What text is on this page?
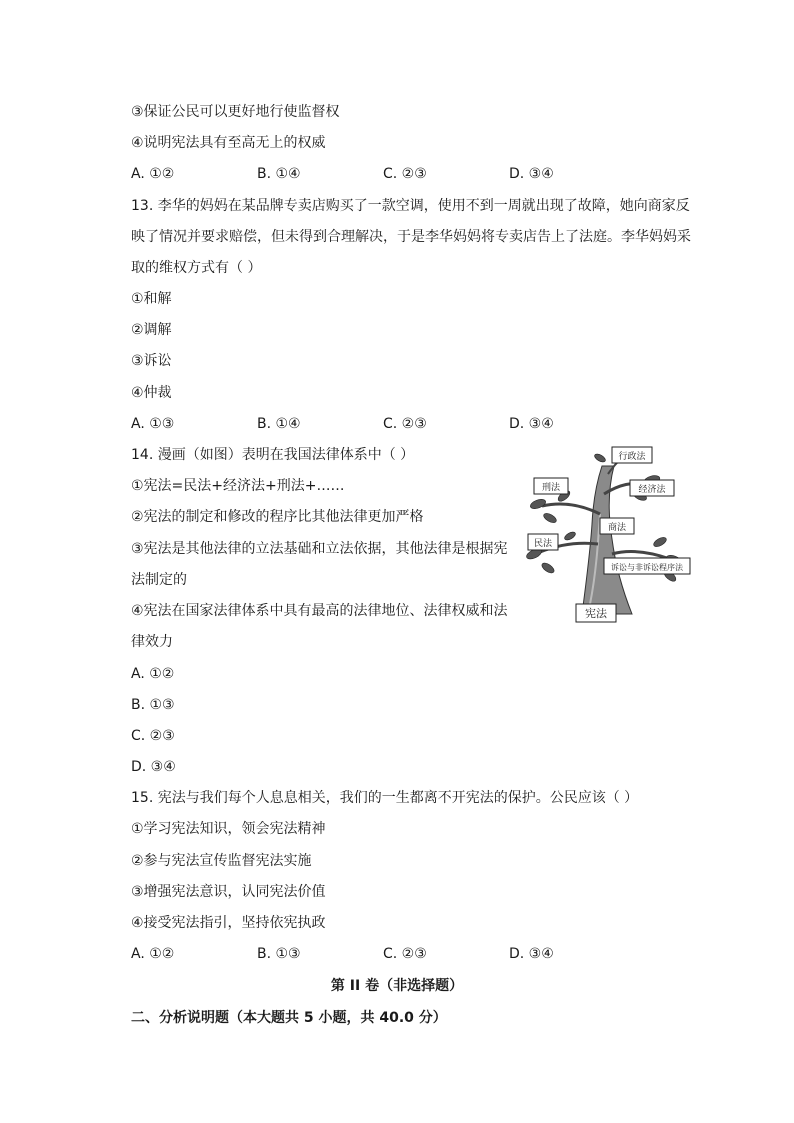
③保证公民可以更好地行使监督权
④说明宪法具有至高无上的权威
A. ①②	B. ①④	C. ②③	D. ③④
13. 李华的妈妈在某品牌专卖店购买了一款空调，使用不到一周就出现了故障，她向商家反
映了情况并要求赔偿，但未得到合理解决，于是李华妈妈将专卖店告上了法庭。李华妈妈采
取的维权方式有（ ）
①和解
②调解
③诉讼
④仲裁
A. ①③	B. ①④	C. ②③	D. ③④
14. 漫画（如图）表明在我国法律体系中（ ）
①宪法=民法+经济法+刑法+……
②宪法的制定和修改的程序比其他法律更加严格
③宪法是其他法律的立法基础和立法依据，其他法律是根据宪
法制定的
④宪法在国家法律体系中具有最高的法律地位、法律权威和法
律效力
A. ①②
B. ①③
C. ②③
D. ③④
行政法
刑法	经济法
商法
民法
诉讼与非诉讼程序法
宪法
15. 宪法与我们每个人息息相关，我们的一生都离不开宪法的保护。公民应该（ ）
①学习宪法知识，领会宪法精神
②参与宪法宣传监督宪法实施
③增强宪法意识，认同宪法价值
④接受宪法指引，坚持依宪执政
A. ①②	B. ①③	C. ②③	D. ③④
第 II 卷（非选择题）
二、分析说明题（本大题共 5 小题，共 40.0 分）
